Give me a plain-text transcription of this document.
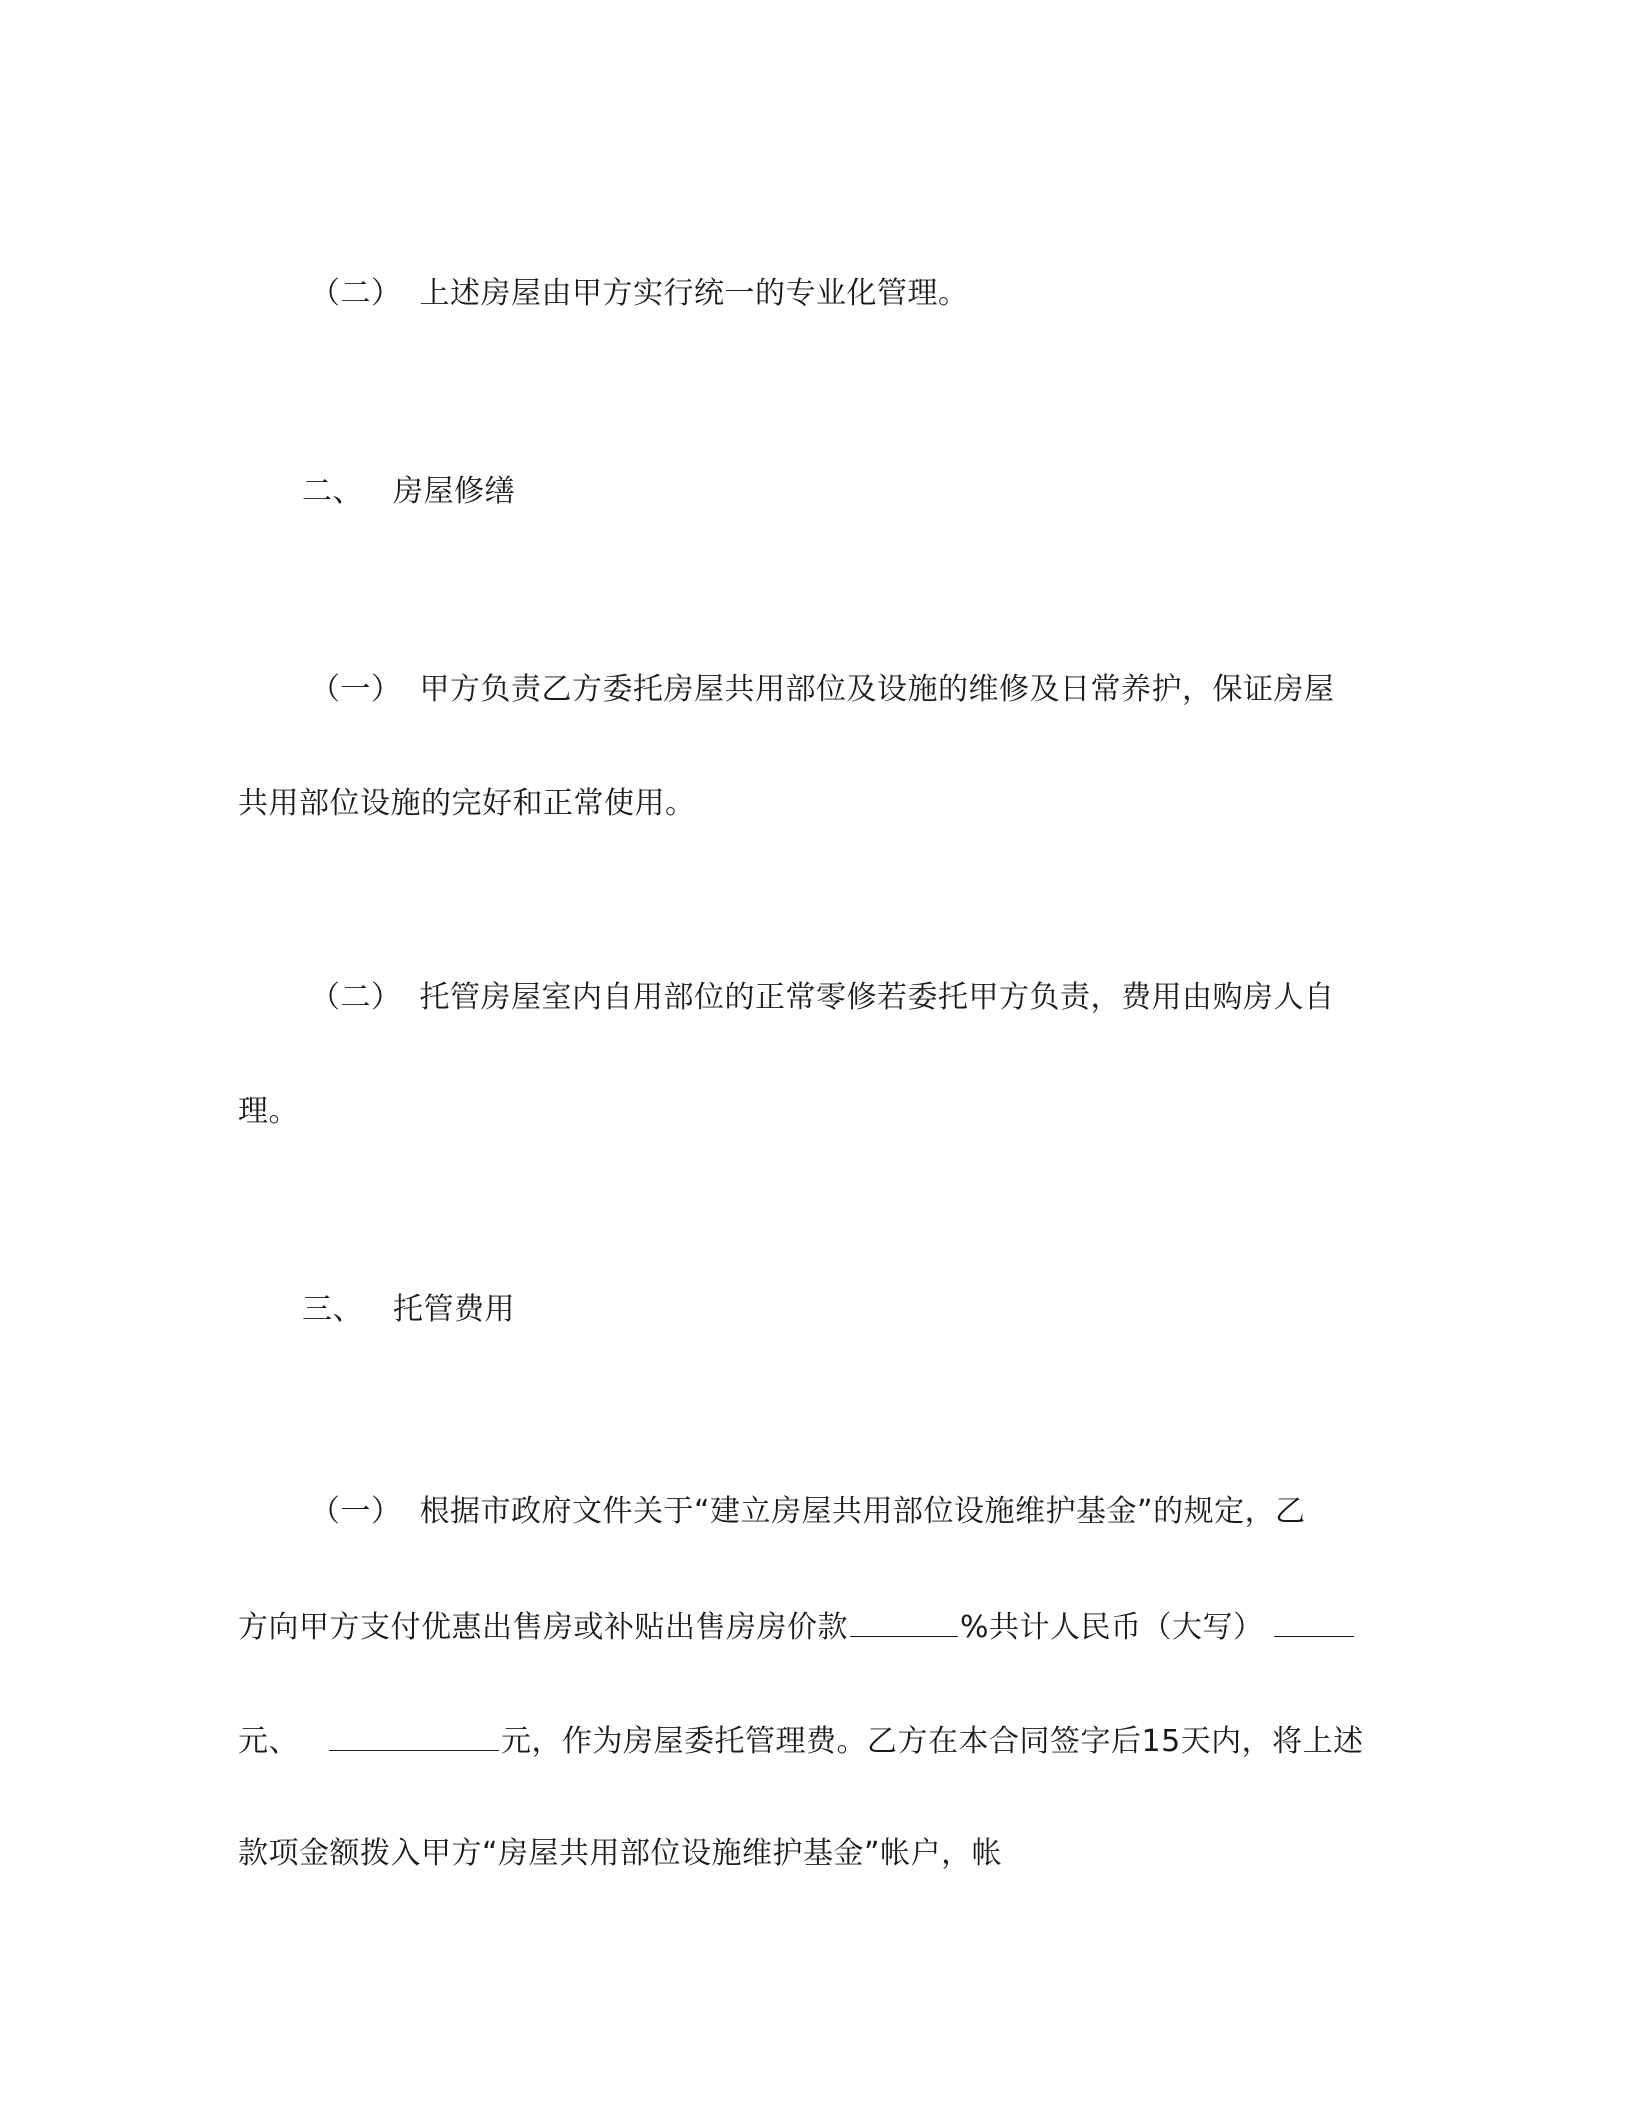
（二） 上述房屋由甲方实行统一的专业化管理。
二、 房屋修缮
（一） 甲方负责乙方委托房屋共用部位及设施的维修及日常养护，保证房屋
共用部位设施的完好和正常使用。
（二） 托管房屋室内自用部位的正常零修若委托甲方负责，费用由购房人自
理。
三、 托管费用
（一） 根据市政府文件关于“建立房屋共用部位设施维护基金”的规定，乙
方向甲方支付优惠出售房或补贴出售房房价款	%共计人民币（大写）
元、	元，作为房屋委托管理费。乙方在本合同签字后15天内，将上述
款项金额拨入甲方“房屋共用部位设施维护基金”帐户，帐
